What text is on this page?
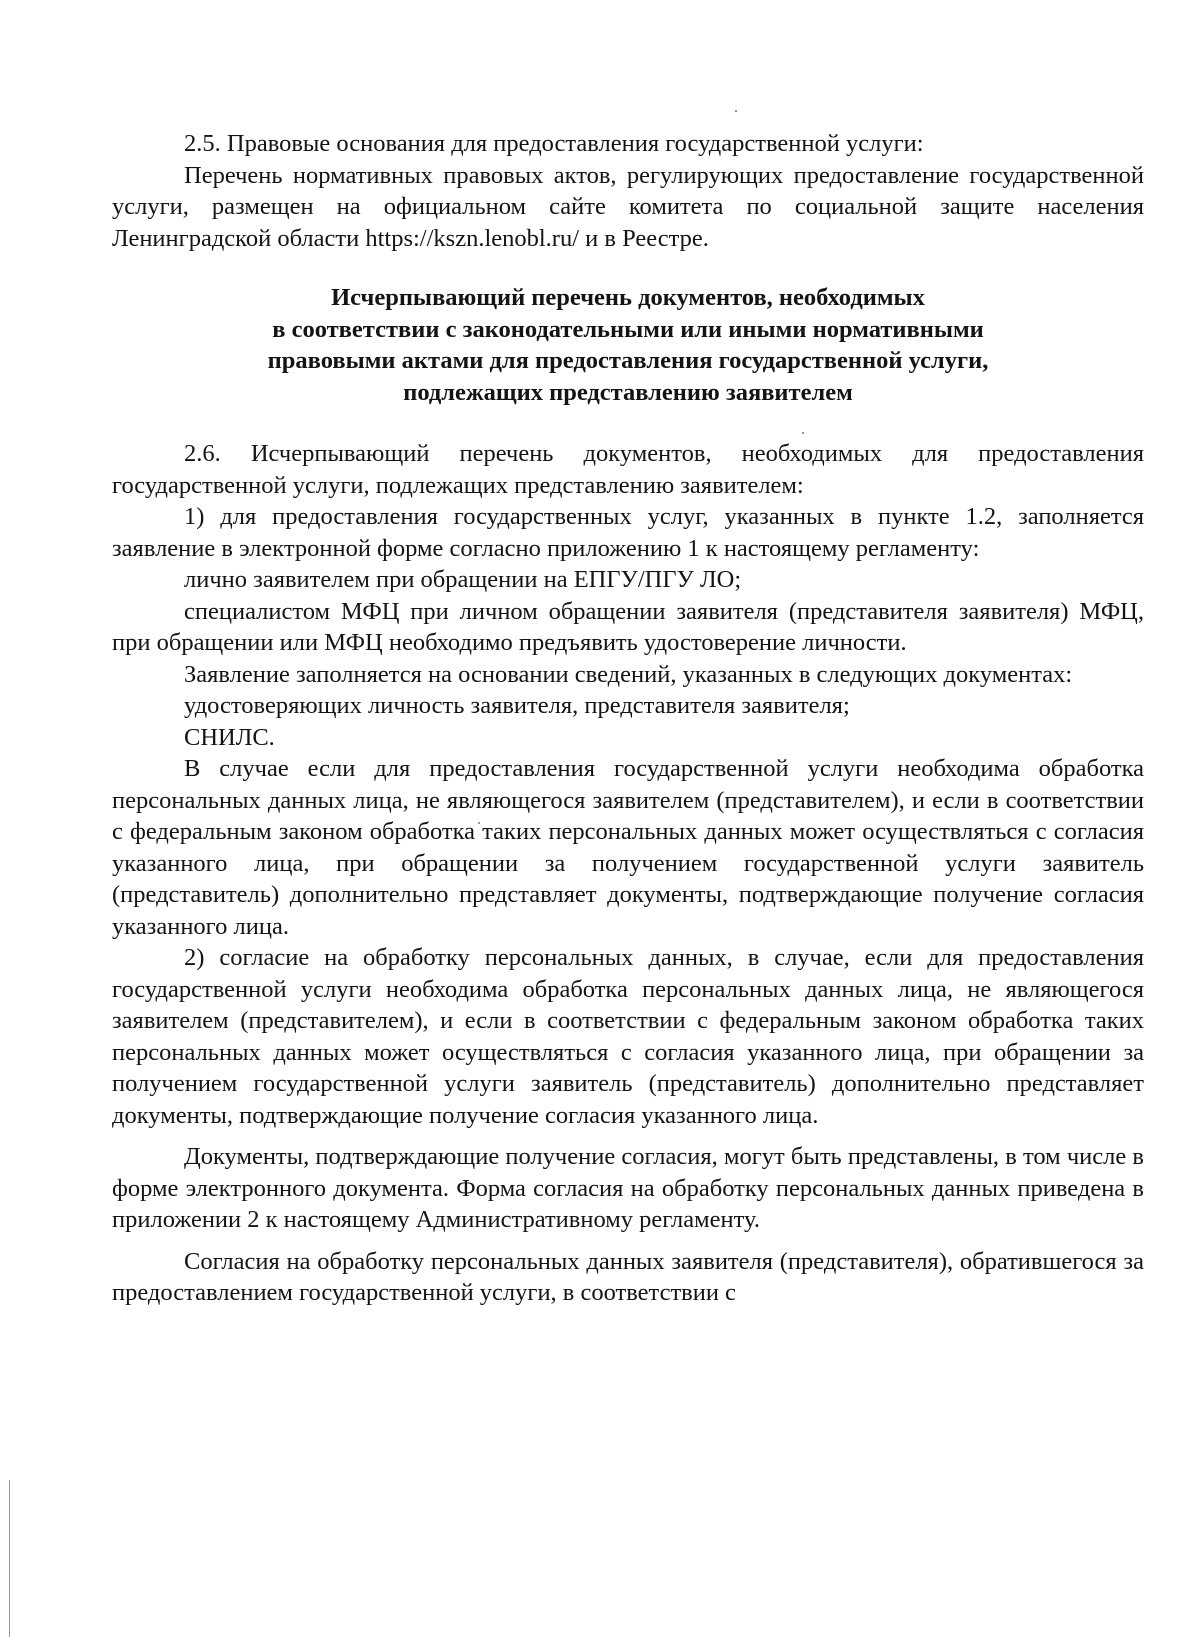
2.5. Правовые основания для предоставления государственной услуги:

Перечень нормативных правовых актов, регулирующих предоставление государственной услуги, размещен на официальном сайте комитета по социальной защите населения Ленинградской области https://kszn.lenobl.ru/ и в Реестре.

Исчерпывающий перечень документов, необходимых
в соответствии с законодательными или иными нормативными
правовыми актами для предоставления государственной услуги,
подлежащих представлению заявителем

2.6. Исчерпывающий перечень документов, необходимых для предоставления государственной услуги, подлежащих представлению заявителем:

1) для предоставления государственных услуг, указанных в пункте 1.2, заполняется заявление в электронной форме согласно приложению 1 к настоящему регламенту:

лично заявителем при обращении на ЕПГУ/ПГУ ЛО;

специалистом МФЦ при личном обращении заявителя (представителя заявителя) МФЦ, при обращении или МФЦ необходимо предъявить удостоверение личности.

Заявление заполняется на основании сведений, указанных в следующих документах:

удостоверяющих личность заявителя, представителя заявителя;

СНИЛС.

В случае если для предоставления государственной услуги необходима обработка персональных данных лица, не являющегося заявителем (представителем), и если в соответствии с федеральным законом обработка таких персональных данных может осуществляться с согласия указанного лица, при обращении за получением государственной услуги заявитель (представитель) дополнительно представляет документы, подтверждающие получение согласия указанного лица.

2) согласие на обработку персональных данных, в случае, если для предоставления государственной услуги необходима обработка персональных данных лица, не являющегося заявителем (представителем), и если в соответствии с федеральным законом обработка таких персональных данных может осуществляться с согласия указанного лица, при обращении за получением государственной услуги заявитель (представитель) дополнительно представляет документы, подтверждающие получение согласия указанного лица.

Документы, подтверждающие получение согласия, могут быть представлены, в том числе в форме электронного документа. Форма согласия на обработку персональных данных приведена в приложении 2 к настоящему Административному регламенту.

Согласия на обработку персональных данных заявителя (представителя), обратившегося за предоставлением государственной услуги, в соответствии с
